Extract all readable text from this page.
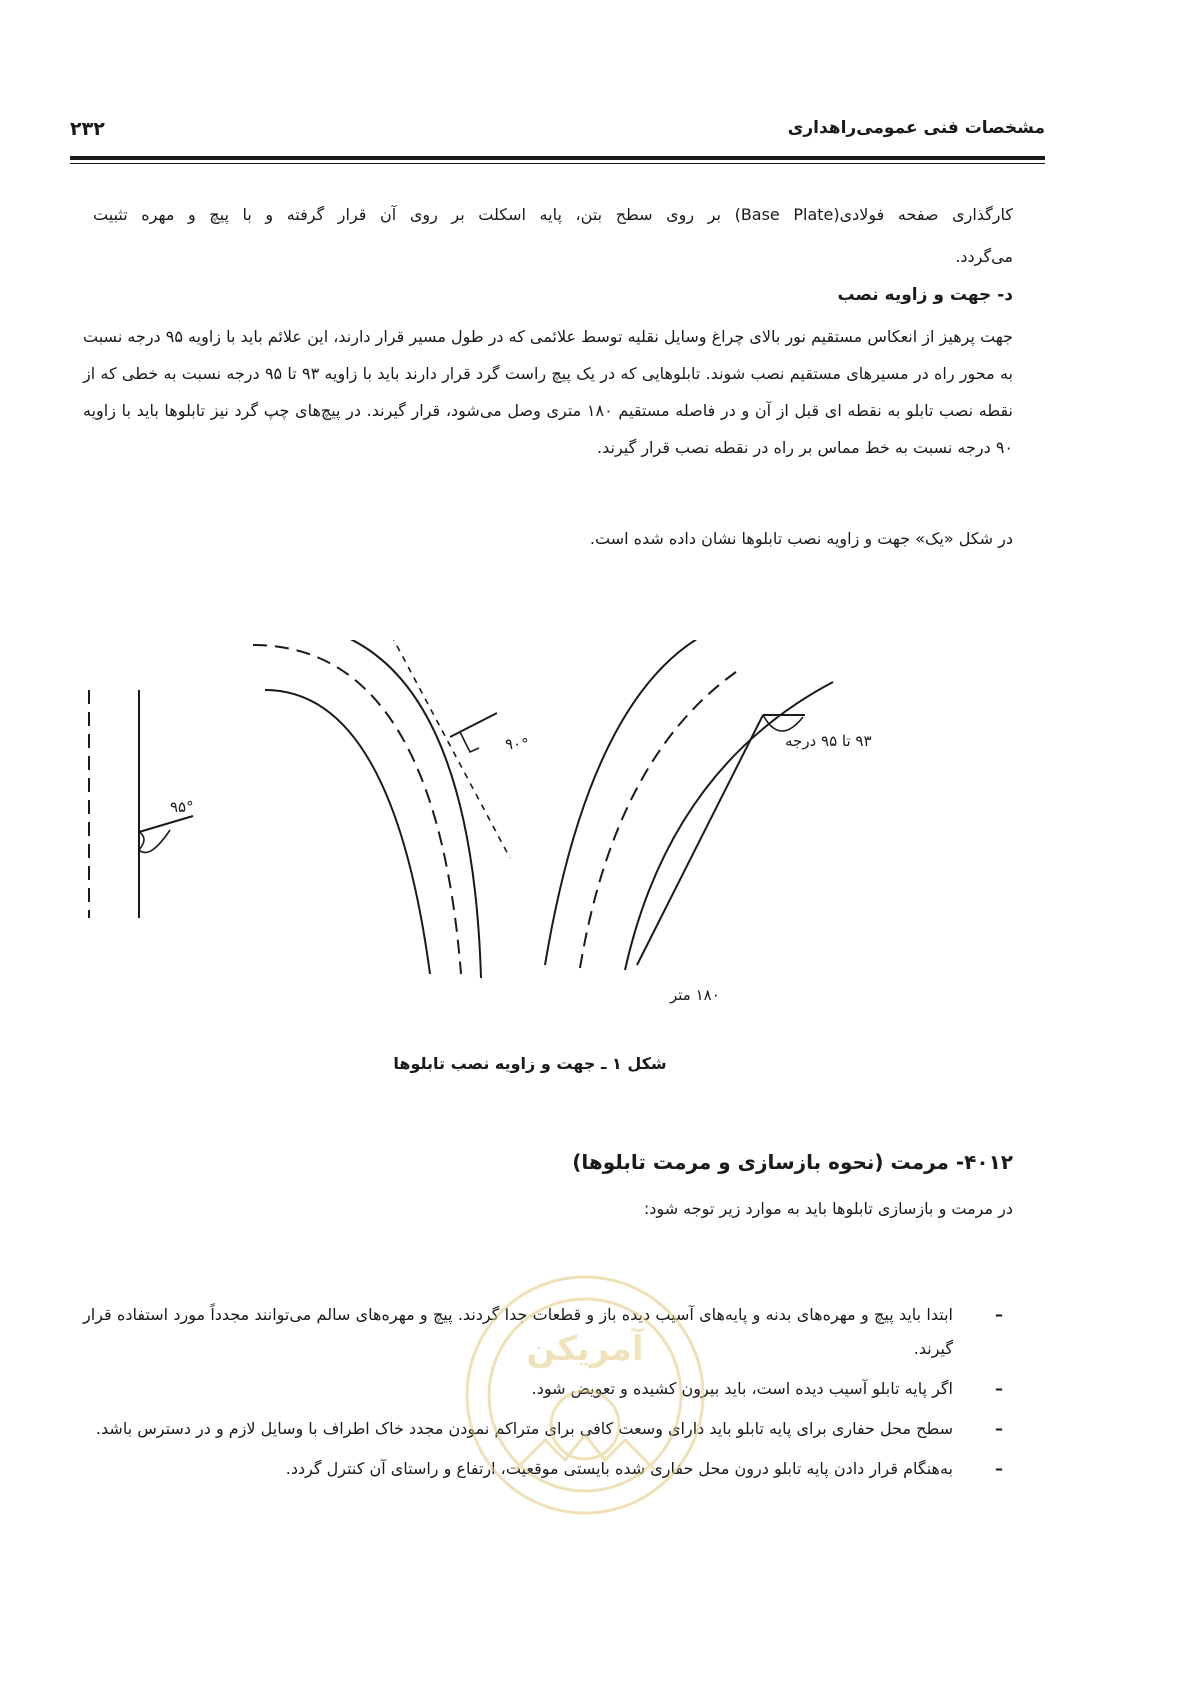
مشخصات فنی عمومی‌راهداری
۲۳۲

کارگذاری صفحه فولادی(Base Plate) بر روی سطح بتن، پایه اسکلت بر روی آن قرار گرفته و با پیچ و مهره تثبیت

می‌گردد.

د- جهت و زاویه نصب
جهت پرهیز از انعکاس مستقیم نور بالای چراغ وسایل نقلیه توسط علائمی که در طول مسیر قرار دارند، این علائم باید با زاویه ۹۵ درجه نسبت به محور راه در مسیرهای مستقیم نصب شوند. تابلوهایی که در یک پیچ راست گرد قرار دارند باید با زاویه ۹۳ تا ۹۵ درجه نسبت به خطی که از نقطه نصب تابلو به نقطه ای قبل از آن و در فاصله مستقیم ۱۸۰ متری وصل می‌شود، قرار گیرند. در پیچ‌های چپ گرد نیز تابلوها باید با زاویه ۹۰ درجه نسبت به خط مماس بر راه در نقطه نصب قرار گیرند.
در شکل «یک» جهت و زاویه نصب تابلوها نشان داده شده است.
۹۵°
۹۰°	۹۳ تا ۹۵ درجه
۱۸۰ متر
شکل ۱ ـ جهت و زاویه نصب تابلوها
۴۰۱۲- مرمت (نحوه بازسازی و مرمت تابلوها)
در مرمت و بازسازی تابلوها باید به موارد زیر توجه شود:
–
ابتدا باید پیچ و مهره‌های بدنه و پایه‌های آسیب دیده باز و قطعات جدا گردند. پیچ و مهره‌های سالم می‌توانند مجدداً مورد استفاده قرار گیرند.
–
اگر پایه تابلو آسیب دیده است، باید بیرون کشیده و تعویض شود.
–
سطح محل حفاری برای پایه تابلو باید دارای وسعت کافی برای متراکم نمودن مجدد خاک اطراف با وسایل لازم و در دسترس باشد.
–
به‌هنگام قرار دادن پایه تابلو درون محل حفاری شده بایستی موقعیت، ارتفاع و راستای آن کنترل گردد.
آمریکن
